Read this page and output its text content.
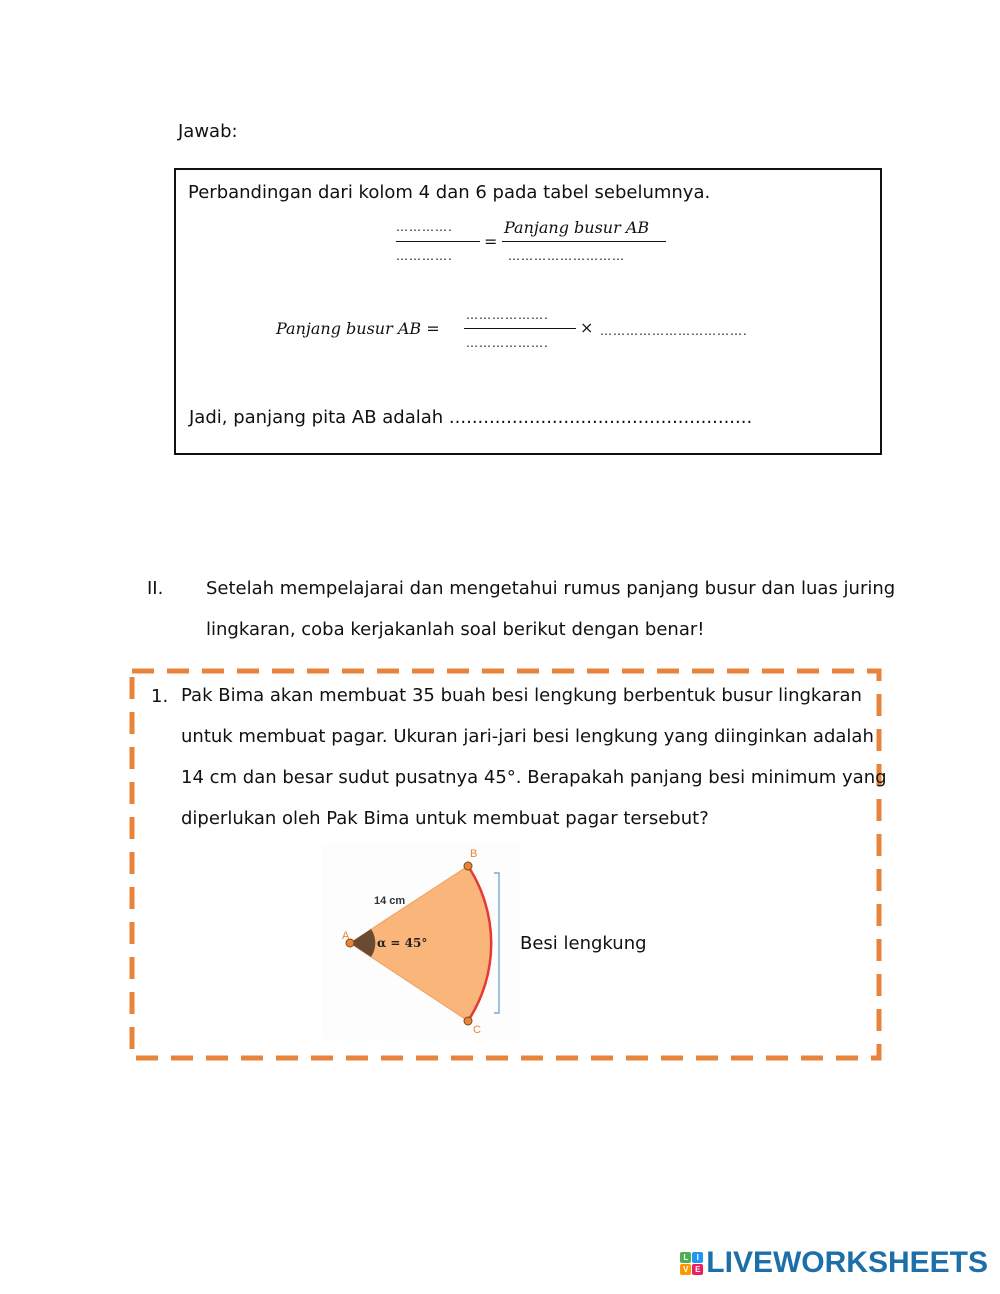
Jawab:
Perbandingan dari kolom 4 dan 6 pada tabel sebelumnya.
………….
………….
=
Panjang busur AB
………………………
Panjang busur AB =
……………….
……………….
× …………………………….
Jadi, panjang pita AB adalah .....................................................
II. Setelah mempelajarai dan mengetahui rumus panjang busur dan luas juring
lingkaran, coba kerjakanlah soal berikut dengan benar!
1. Pak Bima akan membuat 35 buah besi lengkung berbentuk busur lingkaran
untuk membuat pagar. Ukuran jari-jari besi lengkung yang diinginkan adalah
14 cm dan besar sudut pusatnya 45°. Berapakah panjang besi minimum yang
diperlukan oleh Pak Bima untuk membuat pagar tersebut?
A
B
C
14 cm
α = 45°	Besi lengkung
L	I
V E LIVEWORKSHEETS
